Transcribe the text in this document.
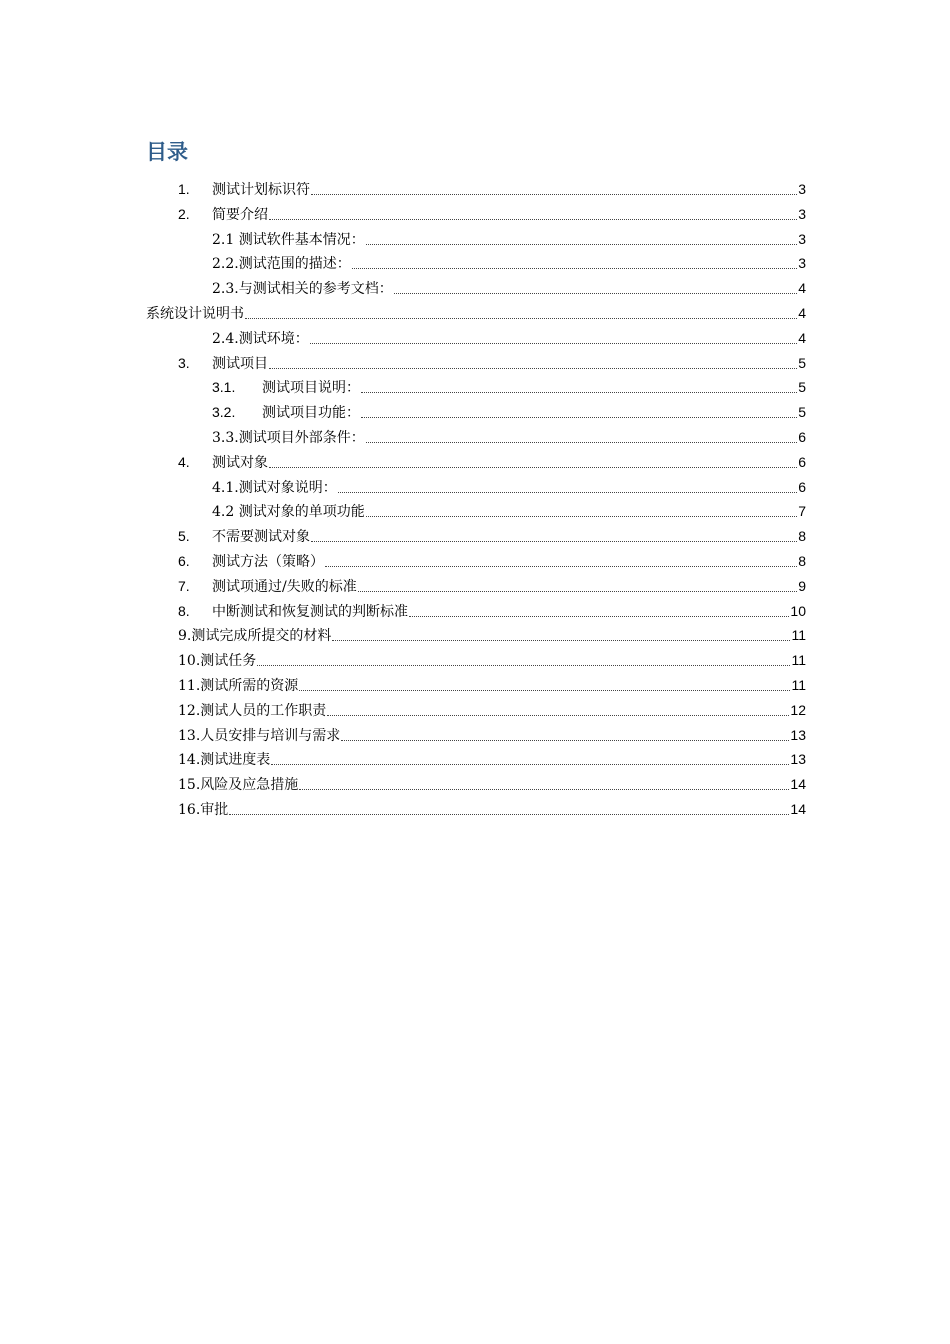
目录
1.	测试计划标识符	3
2.	简要介绍	3
2.1 测试软件基本情况：	3
2.2.测试范围的描述：	3
2.3.与测试相关的参考文档：	4
系统设计说明书	4
2.4.测试环境：	4
3.	测试项目	5
3.1.	测试项目说明：	5
3.2.	测试项目功能：	5
3.3.测试项目外部条件：	6
4.	测试对象	6
4.1.测试对象说明：	6
4.2 测试对象的单项功能	7
5.	不需要测试对象	8
6.	测试方法（策略）	8
7.	测试项通过/失败的标准	9
8.	中断测试和恢复测试的判断标准	10
9.测试完成所提交的材料	11
10.测试任务	11
11.测试所需的资源	11
12.测试人员的工作职责	12
13.人员安排与培训与需求	13
14.测试进度表	13
15.风险及应急措施	14
16.审批	14
